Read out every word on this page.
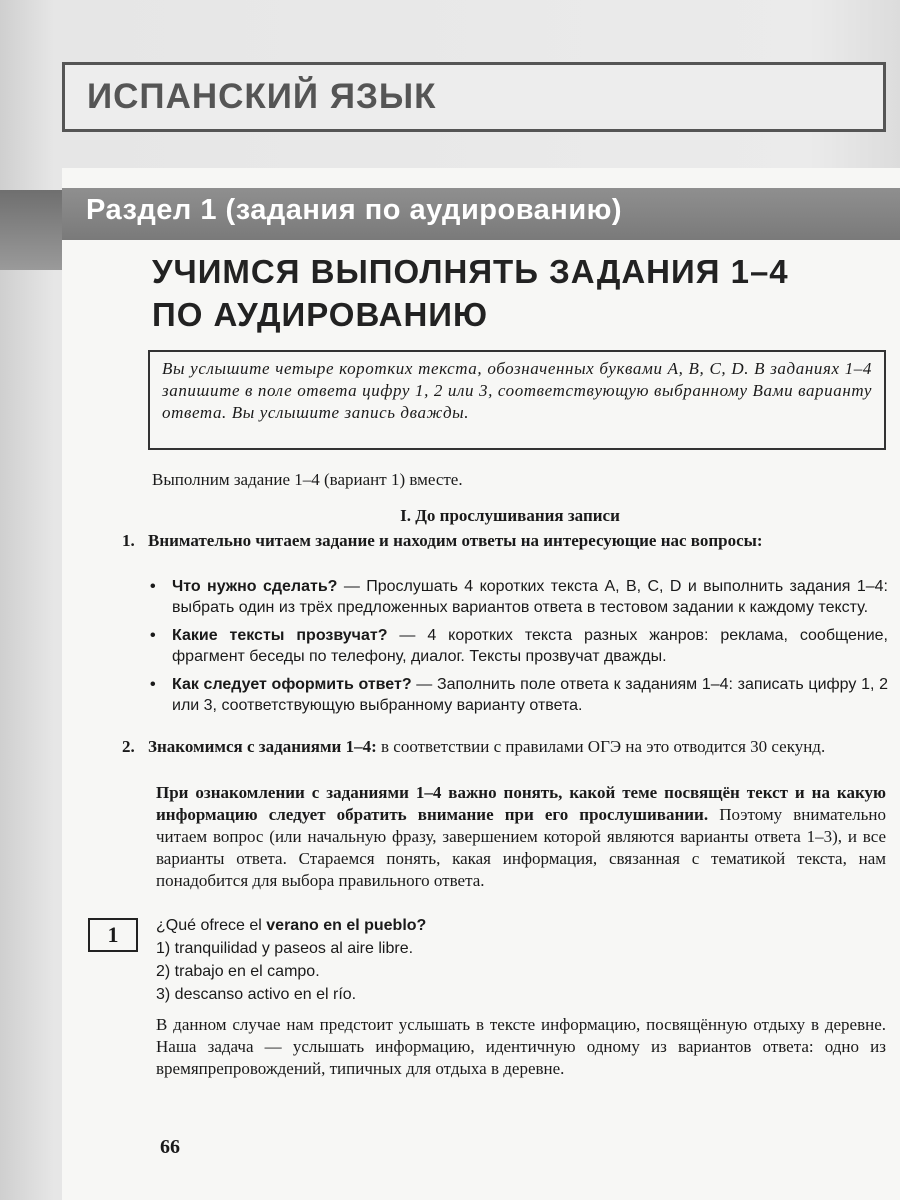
ИСПАНСКИЙ ЯЗЫК
Раздел 1 (задания по аудированию)
УЧИМСЯ ВЫПОЛНЯТЬ ЗАДАНИЯ 1–4
ПО АУДИРОВАНИЮ
Вы услышите четыре коротких текста, обозначенных буквами A, B, C, D. В заданиях 1–4 запишите в поле ответа цифру 1, 2 или 3, соответствующую выбранному Вами варианту ответа. Вы услышите запись дважды.
Выполним задание 1–4 (вариант 1) вместе.
I. До прослушивания записи
1. Внимательно читаем задание и находим ответы на интересующие нас вопросы:
• Что нужно сделать? — Прослушать 4 коротких текста A, B, C, D и выполнить задания 1–4: выбрать один из трёх предложенных вариантов ответа в тестовом задании к каждому тексту.
• Какие тексты прозвучат? — 4 коротких текста разных жанров: реклама, сообщение, фрагмент беседы по телефону, диалог. Тексты прозвучат дважды.
• Как следует оформить ответ? — Заполнить поле ответа к заданиям 1–4: записать цифру 1, 2 или 3, соответствующую выбранному варианту ответа.
2. Знакомимся с заданиями 1–4: в соответствии с правилами ОГЭ на это отводится 30 секунд.
При ознакомлении с заданиями 1–4 важно понять, какой теме посвящён текст и на какую информацию следует обратить внимание при его прослушивании. Поэтому внимательно читаем вопрос (или начальную фразу, завершением которой являются варианты ответа 1–3), и все варианты ответа. Стараемся понять, какая информация, связанная с тематикой текста, нам понадобится для выбора правильного ответа.
1	¿Qué ofrece el verano en el pueblo?
1) tranquilidad y paseos al aire libre.
2) trabajo en el campo.
3) descanso activo en el río.
В данном случае нам предстоит услышать в тексте информацию, посвящённую отдыху в деревне. Наша задача — услышать информацию, идентичную одному из вариантов ответа: одно из времяпрепровождений, типичных для отдыха в деревне.
66
